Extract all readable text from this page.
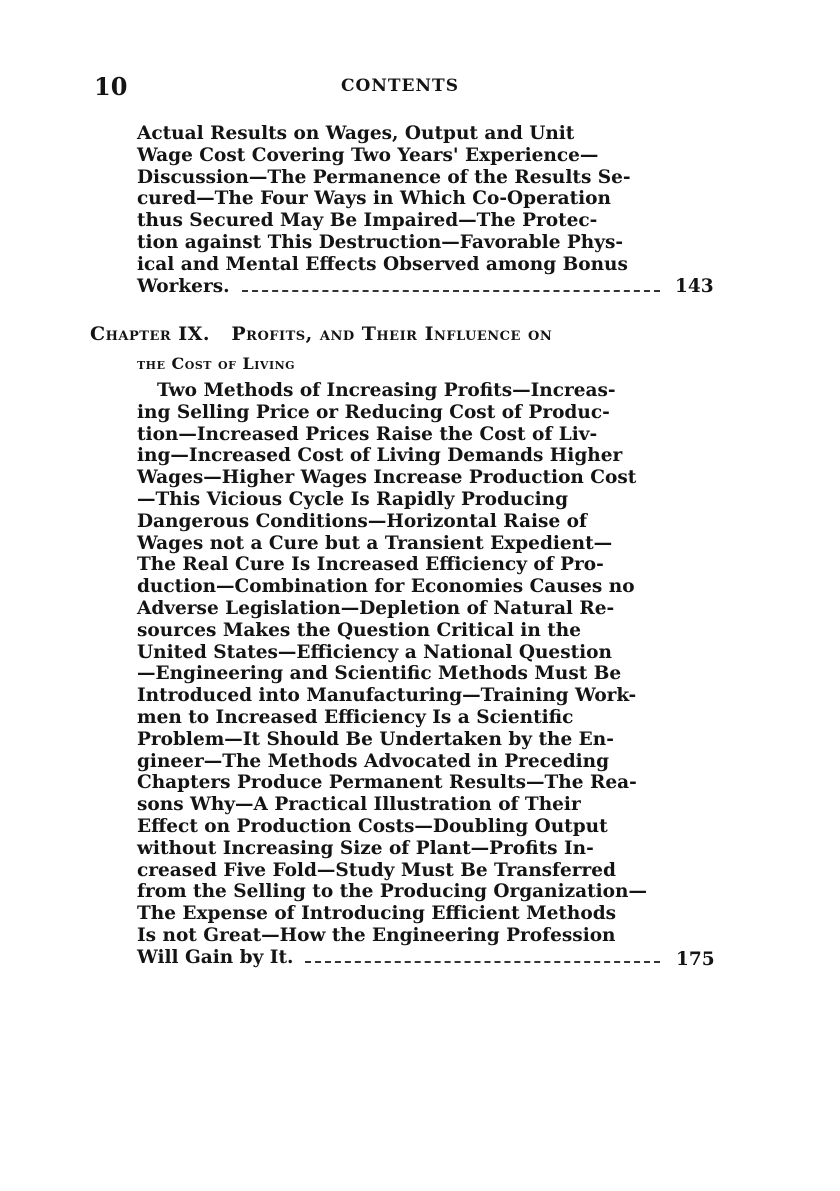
10	CONTENTS
Actual Results on Wages, Output and Unit
Wage Cost Covering Two Years' Experience—
Discussion—The Permanence of the Results Se-
cured—The Four Ways in Which Co-Operation
thus Secured May Be Impaired—The Protec-
tion against This Destruction—Favorable Phys-
ical and Mental Effects Observed among Bonus
Workers.	143
Chapter IX. Profits, and Their Influence on
the Cost of Living
Two Methods of Increasing Profits—Increas-
ing Selling Price or Reducing Cost of Produc-
tion—Increased Prices Raise the Cost of Liv-
ing—Increased Cost of Living Demands Higher
Wages—Higher Wages Increase Production Cost
—This Vicious Cycle Is Rapidly Producing
Dangerous Conditions—Horizontal Raise of
Wages not a Cure but a Transient Expedient—
The Real Cure Is Increased Efficiency of Pro-
duction—Combination for Economies Causes no
Adverse Legislation—Depletion of Natural Re-
sources Makes the Question Critical in the
United States—Efficiency a National Question
—Engineering and Scientific Methods Must Be
Introduced into Manufacturing—Training Work-
men to Increased Efficiency Is a Scientific
Problem—It Should Be Undertaken by the En-
gineer—The Methods Advocated in Preceding
Chapters Produce Permanent Results—The Rea-
sons Why—A Practical Illustration of Their
Effect on Production Costs—Doubling Output
without Increasing Size of Plant—Profits In-
creased Five Fold—Study Must Be Transferred
from the Selling to the Producing Organization—
The Expense of Introducing Efficient Methods
Is not Great—How the Engineering Profession
Will Gain by It.	175
